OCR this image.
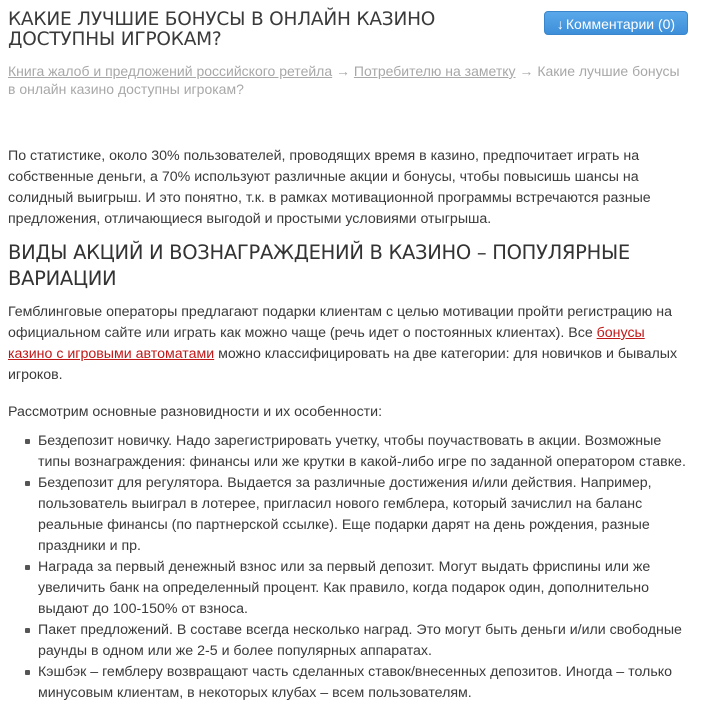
КАКИЕ ЛУЧШИЕ БОНУСЫ В ОНЛАЙН КАЗИНО ДОСТУПНЫ ИГРОКАМ?
↓ Комментарии (0)
Книга жалоб и предложений российского ретейла → Потребителю на заметку → Какие лучшие бонусы в онлайн казино доступны игрокам?

По статистике, около 30% пользователей, проводящих время в казино, предпочитает играть на собственные деньги, а 70% используют различные акции и бонусы, чтобы повысишь шансы на солидный выигрыш. И это понятно, т.к. в рамках мотивационной программы встречаются разные предложения, отличающиеся выгодой и простыми условиями отыгрыша.

ВИДЫ АКЦИЙ И ВОЗНАГРАЖДЕНИЙ В КАЗИНО – ПОПУЛЯРНЫЕ ВАРИАЦИИ

Гемблинговые операторы предлагают подарки клиентам с целью мотивации пройти регистрацию на официальном сайте или играть как можно чаще (речь идет о постоянных клиентах). Все бонусы казино с игровыми автоматами можно классифицировать на две категории: для новичков и бывалых игроков.

Рассмотрим основные разновидности и их особенности:

Бездепозит новичку. Надо зарегистрировать учетку, чтобы поучаствовать в акции. Возможные типы вознаграждения: финансы или же крутки в какой-либо игре по заданной оператором ставке.
Бездепозит для регулятора. Выдается за различные достижения и/или действия. Например, пользователь выиграл в лотерее, пригласил нового гемблера, который зачислил на баланс реальные финансы (по партнерской ссылке). Еще подарки дарят на день рождения, разные праздники и пр.
Награда за первый денежный взнос или за первый депозит. Могут выдать фриспины или же увеличить банк на определенный процент. Как правило, когда подарок один, дополнительно выдают до 100-150% от взноса.
Пакет предложений. В составе всегда несколько наград. Это могут быть деньги и/или свободные раунды в одном или же 2-5 и более популярных аппаратах.
Кэшбэк – гемблеру возвращают часть сделанных ставок/внесенных депозитов. Иногда – только минусовым клиентам, в некоторых клубах – всем пользователям.
